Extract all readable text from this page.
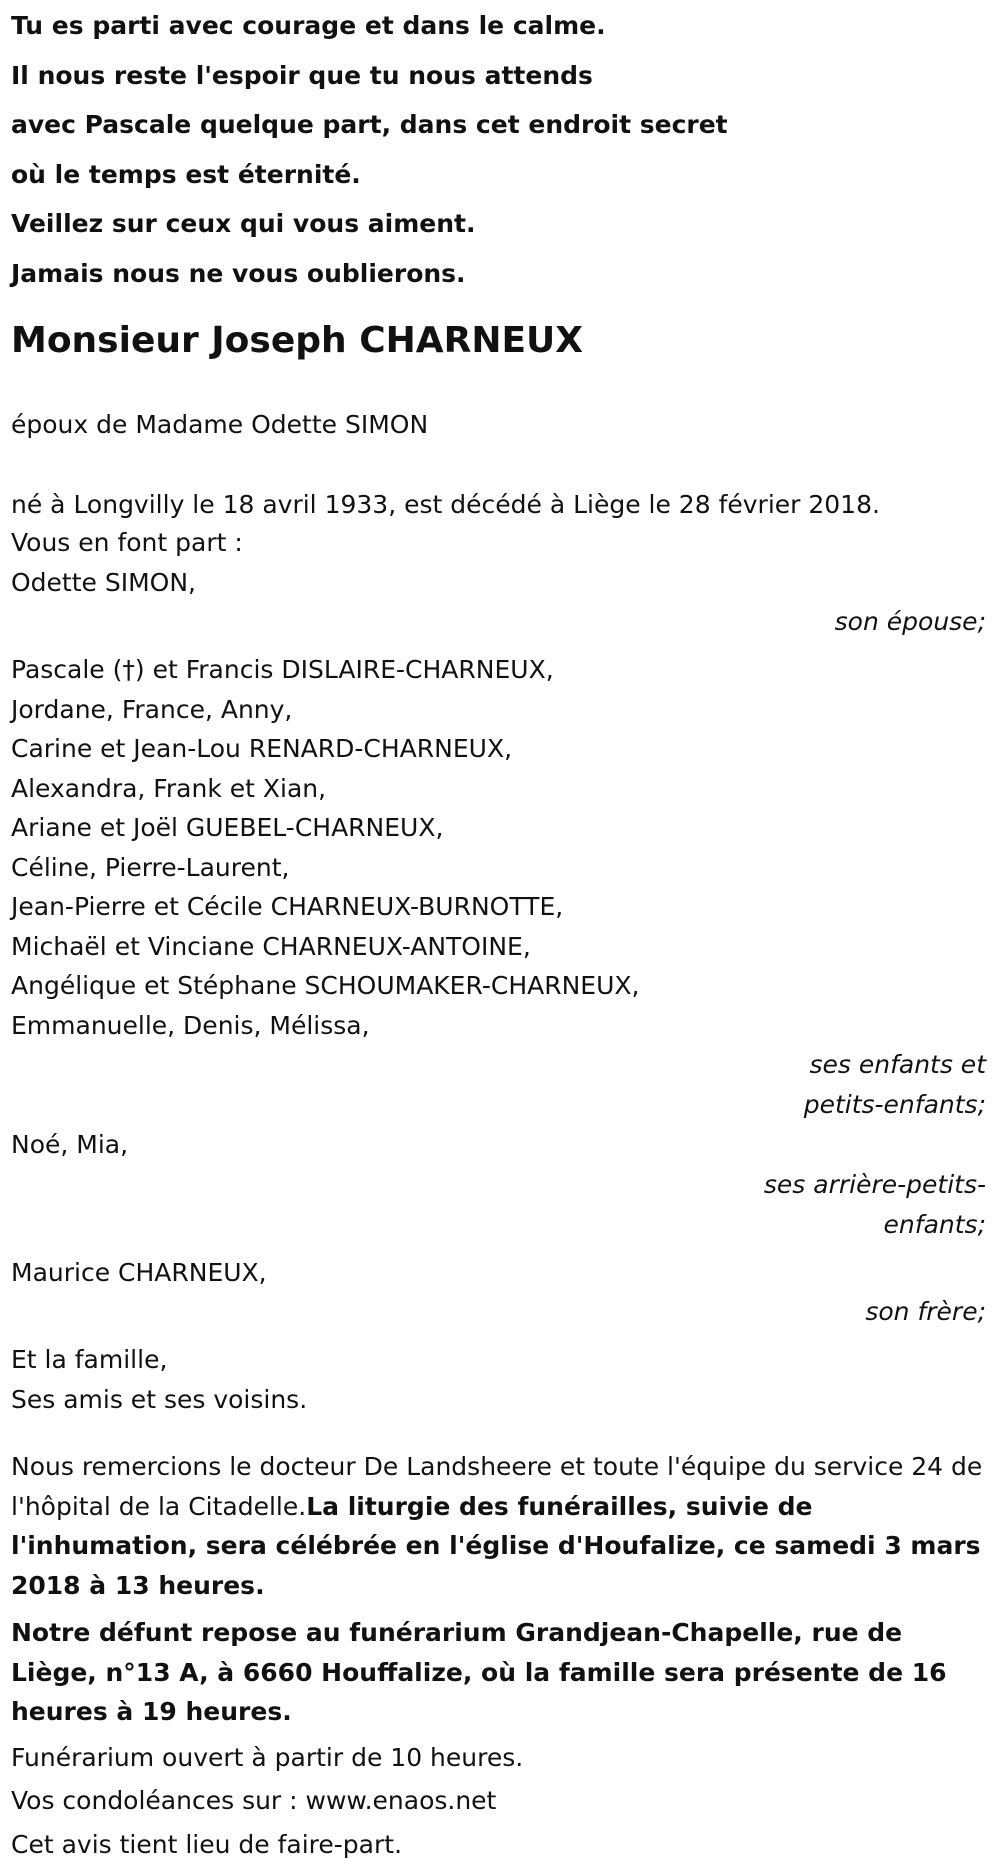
Tu es parti avec courage et dans le calme.
Il nous reste l'espoir que tu nous attends
avec Pascale quelque part, dans cet endroit secret
où le temps est éternité.
Veillez sur ceux qui vous aiment.
Jamais nous ne vous oublierons.
Monsieur Joseph CHARNEUX
époux de Madame Odette SIMON
né à Longvilly le 18 avril 1933, est décédé à Liège le 28 février 2018.
Vous en font part :
Odette SIMON,
son épouse;
Pascale (†) et Francis DISLAIRE-CHARNEUX,
Jordane, France, Anny,
Carine et Jean-Lou RENARD-CHARNEUX,
Alexandra, Frank et Xian,
Ariane et Joël GUEBEL-CHARNEUX,
Céline, Pierre-Laurent,
Jean-Pierre et Cécile CHARNEUX-BURNOTTE,
Michaël et Vinciane CHARNEUX-ANTOINE,
Angélique et Stéphane SCHOUMAKER-CHARNEUX,
Emmanuelle, Denis, Mélissa,
ses enfants et
petits-enfants;
Noé, Mia,
ses arrière-petits-
enfants;
Maurice CHARNEUX,
son frère;
Et la famille,
Ses amis et ses voisins.
Nous remercions le docteur De Landsheere et toute l'équipe du service 24 de l'hôpital de la Citadelle.La liturgie des funérailles, suivie de l'inhumation, sera célébrée en l'église d'Houfalize, ce samedi 3 mars 2018 à 13 heures.
Notre défunt repose au funérarium Grandjean-Chapelle, rue de Liège, n°13 A, à 6660 Houffalize, où la famille sera présente de 16 heures à 19 heures.
Funérarium ouvert à partir de 10 heures.
Vos condoléances sur : www.enaos.net
Cet avis tient lieu de faire-part.
